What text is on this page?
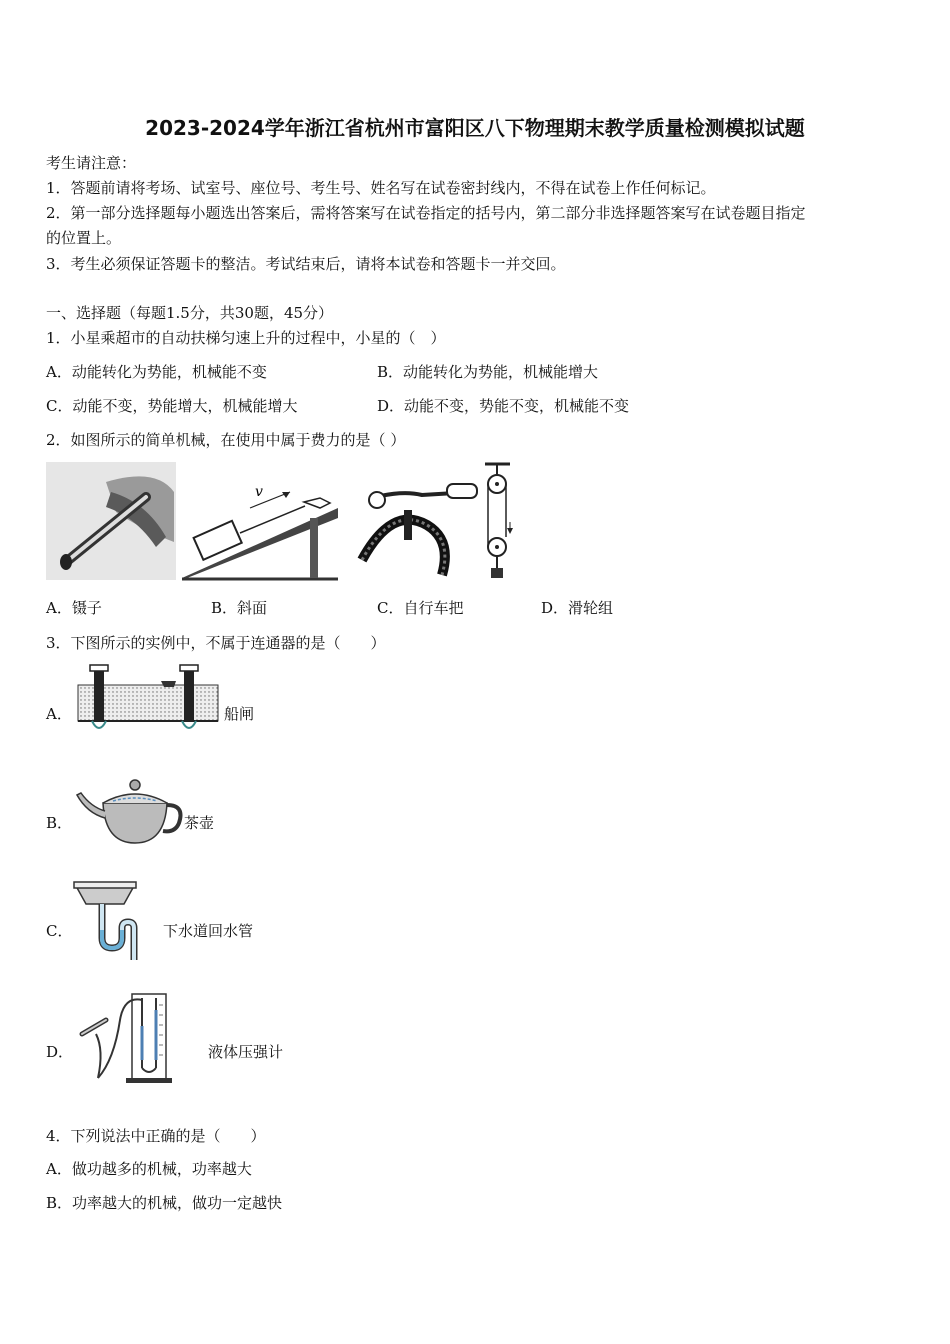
2023-2024学年浙江省杭州市富阳区八下物理期末教学质量检测模拟试题
考生请注意：
1．答题前请将考场、试室号、座位号、考生号、姓名写在试卷密封线内，不得在试卷上作任何标记。
2．第一部分选择题每小题选出答案后，需将答案写在试卷指定的括号内，第二部分非选择题答案写在试卷题目指定
的位置上。
3．考生必须保证答题卡的整洁。考试结束后，请将本试卷和答题卡一并交回。
一、选择题（每题1.5分，共30题，45分）
1．小星乘超市的自动扶梯匀速上升的过程中，小星的（　）
A．动能转化为势能，机械能不变	B．动能转化为势能，机械能增大
C．动能不变，势能增大，机械能增大	D．动能不变，势能不变，机械能不变
2．如图所示的简单机械，在使用中属于费力的是（ ）
v
A．镊子	B．斜面	C．自行车把	D．滑轮组
3．下图所示的实例中，不属于连通器的是（　　）
A．	船闸
B．	茶壶
C．	下水道回水管
D．	液体压强计
4．下列说法中正确的是（　　）
A．做功越多的机械，功率越大
B．功率越大的机械，做功一定越快
